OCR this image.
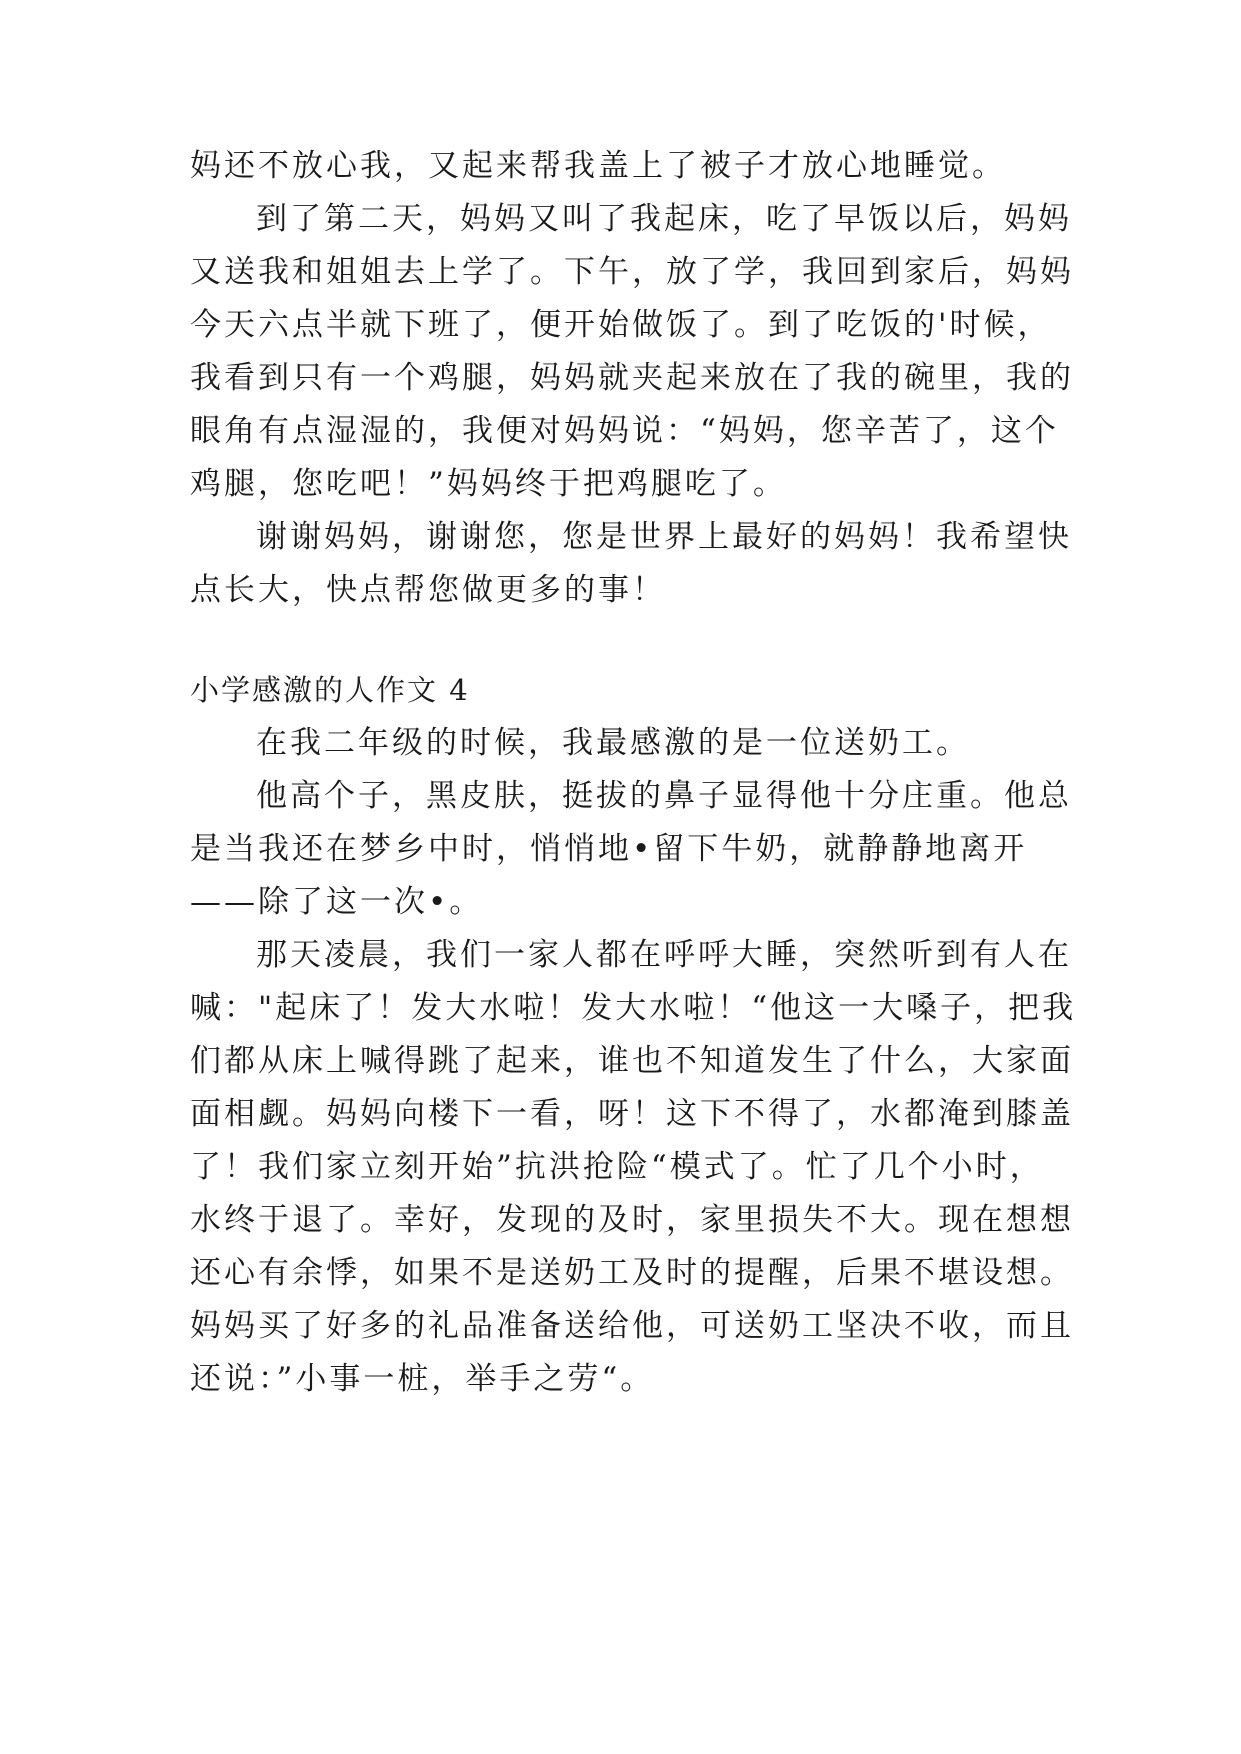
妈还不放心我，又起来帮我盖上了被子才放心地睡觉。
到了第二天，妈妈又叫了我起床，吃了早饭以后，妈妈
又送我和姐姐去上学了。下午，放了学，我回到家后，妈妈
今天六点半就下班了，便开始做饭了。到了吃饭的'时候，
我看到只有一个鸡腿，妈妈就夹起来放在了我的碗里，我的
眼角有点湿湿的，我便对妈妈说：“妈妈，您辛苦了，这个
鸡腿，您吃吧！”妈妈终于把鸡腿吃了。
谢谢妈妈，谢谢您，您是世界上最好的妈妈！我希望快
点长大，快点帮您做更多的事！
小学感激的人作文 4
在我二年级的时候，我最感激的是一位送奶工。
他高个子，黑皮肤，挺拔的鼻子显得他十分庄重。他总
是当我还在梦乡中时，悄悄地•留下牛奶，就静静地离开
——除了这一次•。
那天凌晨，我们一家人都在呼呼大睡，突然听到有人在
喊："起床了！发大水啦！发大水啦！“他这一大嗓子，把我
们都从床上喊得跳了起来，谁也不知道发生了什么，大家面
面相觑。妈妈向楼下一看，呀！这下不得了，水都淹到膝盖
了！我们家立刻开始”抗洪抢险“模式了。忙了几个小时，
水终于退了。幸好，发现的及时，家里损失不大。现在想想
还心有余悸，如果不是送奶工及时的提醒，后果不堪设想。
妈妈买了好多的礼品准备送给他，可送奶工坚决不收，而且
还说：”小事一桩，举手之劳“。
